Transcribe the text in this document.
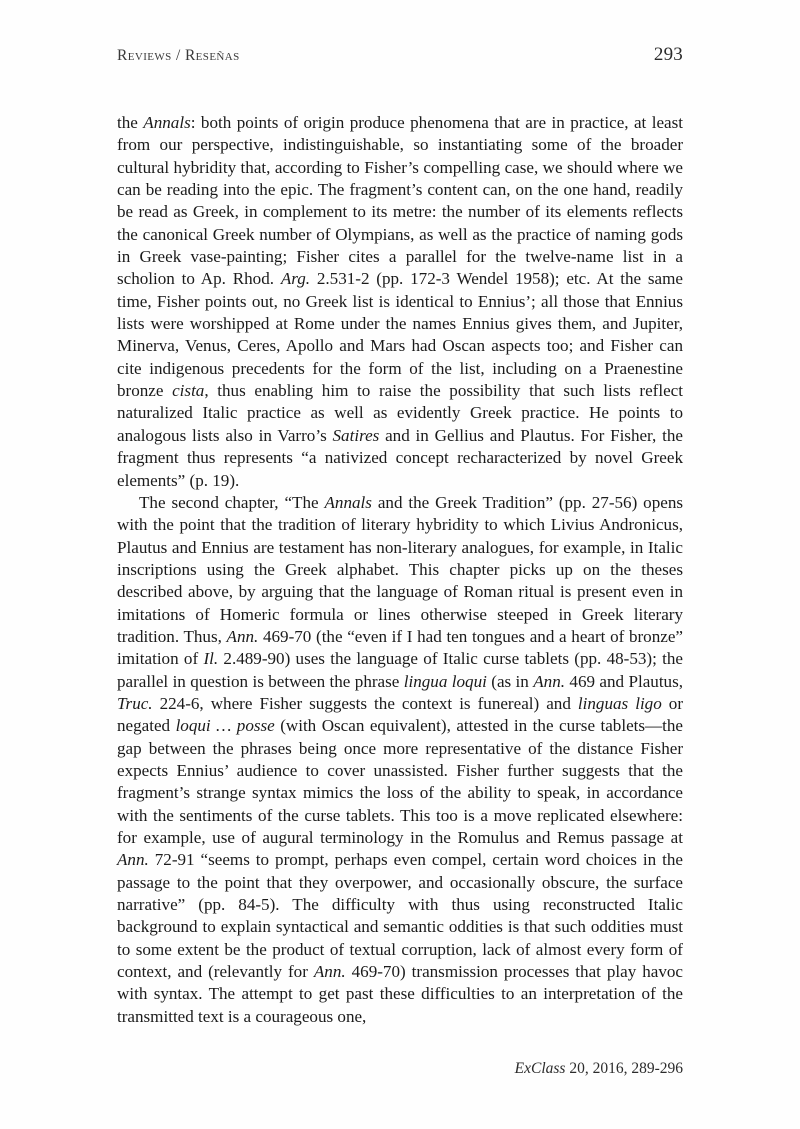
Reviews / Reseñas	293

the Annals: both points of origin produce phenomena that are in practice, at least from our perspective, indistinguishable, so instantiating some of the broader cultural hybridity that, according to Fisher’s compelling case, we should where we can be reading into the epic. The fragment’s content can, on the one hand, readily be read as Greek, in complement to its metre: the number of its elements reflects the canonical Greek number of Olympians, as well as the practice of naming gods in Greek vase-painting; Fisher cites a parallel for the twelve-name list in a scholion to Ap. Rhod. Arg. 2.531-2 (pp. 172-3 Wendel 1958); etc. At the same time, Fisher points out, no Greek list is identical to Ennius’; all those that Ennius lists were worshipped at Rome under the names Ennius gives them, and Jupiter, Minerva, Venus, Ceres, Apollo and Mars had Oscan aspects too; and Fisher can cite indigenous precedents for the form of the list, including on a Praenestine bronze cista, thus enabling him to raise the possibility that such lists reflect naturalized Italic practice as well as evidently Greek practice. He points to analogous lists also in Varro’s Satires and in Gellius and Plautus. For Fisher, the fragment thus represents “a nativized concept recharacterized by novel Greek elements” (p. 19).

The second chapter, “The Annals and the Greek Tradition” (pp. 27-56) opens with the point that the tradition of literary hybridity to which Livius Andronicus, Plautus and Ennius are testament has non-literary analogues, for example, in Italic inscriptions using the Greek alphabet. This chapter picks up on the theses described above, by arguing that the language of Roman ritual is present even in imitations of Homeric formula or lines otherwise steeped in Greek literary tradition. Thus, Ann. 469-70 (the “even if I had ten tongues and a heart of bronze” imitation of Il. 2.489-90) uses the language of Italic curse tablets (pp. 48-53); the parallel in question is between the phrase lingua loqui (as in Ann. 469 and Plautus, Truc. 224-6, where Fisher suggests the context is funereal) and linguas ligo or negated loqui … posse (with Oscan equivalent), attested in the curse tablets—the gap between the phrases being once more representative of the distance Fisher expects Ennius’ audience to cover unassisted. Fisher further suggests that the fragment’s strange syntax mimics the loss of the ability to speak, in accordance with the sentiments of the curse tablets. This too is a move replicated elsewhere: for example, use of augural terminology in the Romulus and Remus passage at Ann. 72-91 “seems to prompt, perhaps even compel, certain word choices in the passage to the point that they overpower, and occasionally obscure, the surface narrative” (pp. 84-5). The difficulty with thus using reconstructed Italic background to explain syntactical and semantic oddities is that such oddities must to some extent be the product of textual corruption, lack of almost every form of context, and (relevantly for Ann. 469-70) transmission processes that play havoc with syntax. The attempt to get past these difficulties to an interpretation of the transmitted text is a courageous one,

ExClass 20, 2016, 289-296
